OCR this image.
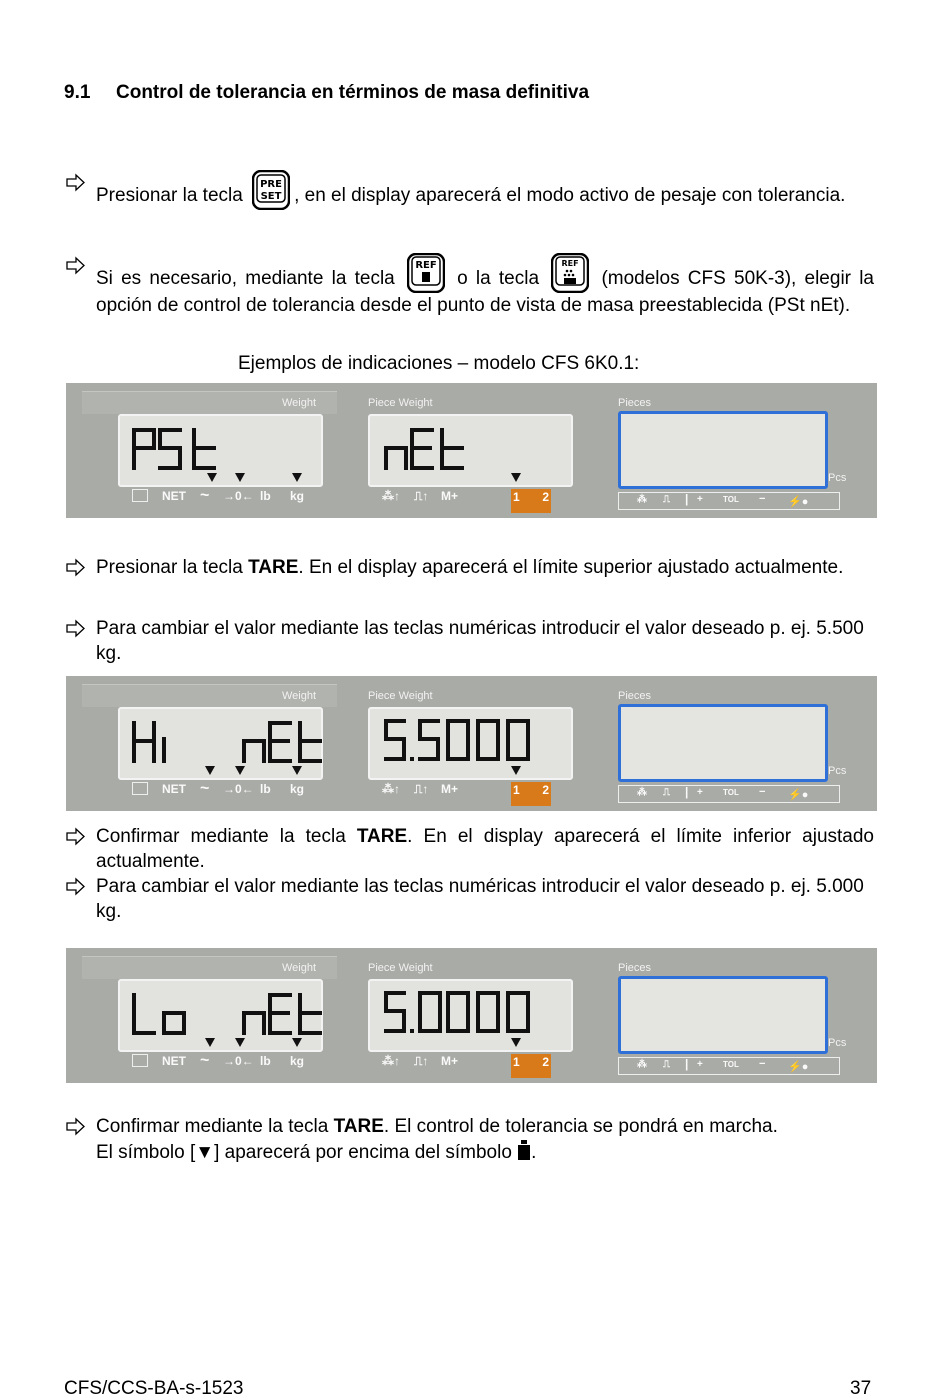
9.1 Control de tolerancia en términos de masa definitiva
Presionar la tecla
PRE
SET , en el display aparecerá el modo activo de pesaje con tolerancia.
Si es necesario, mediante la tecla
REF
o la tecla
REF
(modelos CFS 50K-3), elegir la opción de control de tolerancia desde el punto de vista de masa preestablecida (PSt nEt).
Ejemplos de indicaciones – modelo CFS 6K0.1:
Weight	Piece Weight	Pieces
Pcs
NET ~ →0← lb kg	⁂↑ ⎍↑ M+	1 2	⁂ ⎍ | +	TOL − ⚡●
Presionar la tecla TARE. En el display aparecerá el límite superior ajustado actualmente.
Para cambiar el valor mediante las teclas numéricas introducir el valor deseado p. ej. 5.500 kg.
Weight	Piece Weight	Pieces
Pcs
NET ~ →0← lb kg	⁂↑ ⎍↑ M+	1 2	⁂ ⎍ | +	TOL − ⚡●
Confirmar mediante la tecla TARE. En el display aparecerá el límite inferior ajustado actualmente.
Para cambiar el valor mediante las teclas numéricas introducir el valor deseado p. ej. 5.000 kg.
Weight	Piece Weight	Pieces
Pcs
NET ~ →0← lb kg	⁂↑ ⎍↑ M+	1 2	⁂ ⎍ | +	TOL − ⚡●
Confirmar mediante la tecla TARE. El control de tolerancia se pondrá en marcha.
El símbolo [▼] aparecerá por encima del símbolo .
CFS/CCS-BA-s-1523	37
